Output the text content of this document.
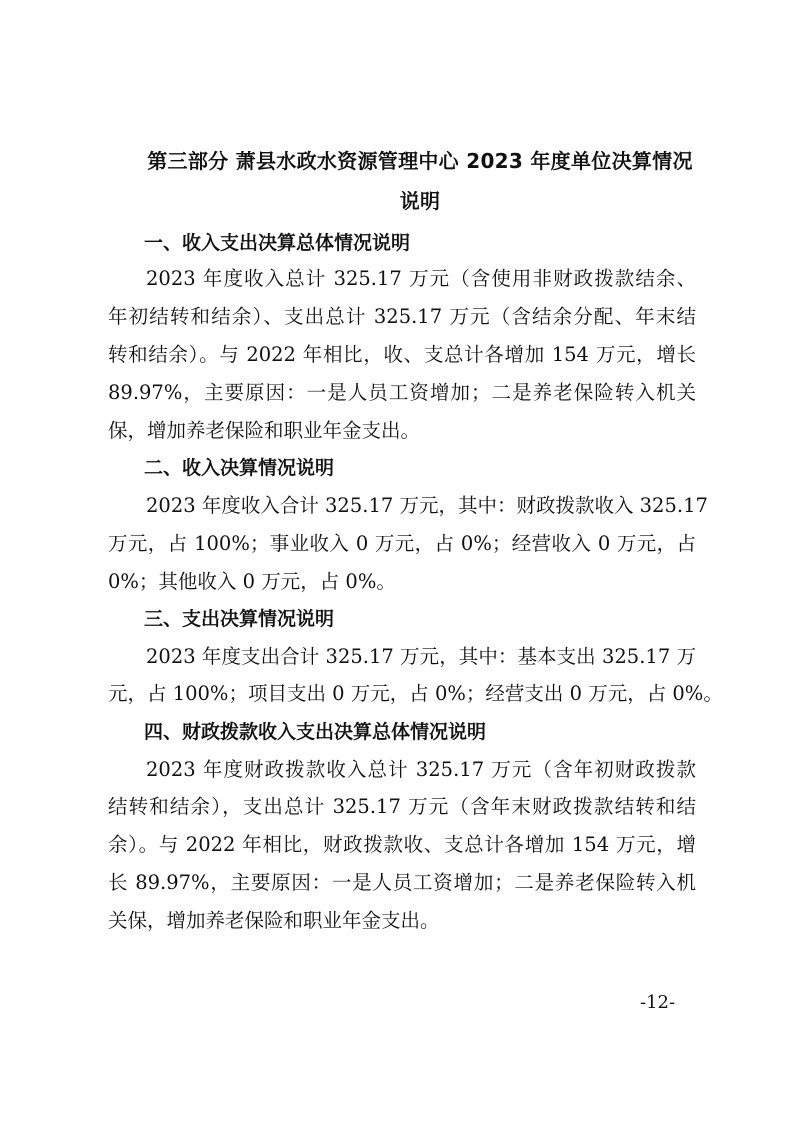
第三部分 萧县水政水资源管理中心 2023 年度单位决算情况
说明
一、收入支出决算总体情况说明
2023 年度收入总计 325.17 万元（含使用非财政拨款结余、
年初结转和结余）、支出总计 325.17 万元（含结余分配、年末结
转和结余）。与 2022 年相比，收、支总计各增加 154 万元，增长
89.97%，主要原因：一是人员工资增加；二是养老保险转入机关
保，增加养老保险和职业年金支出。
二、收入决算情况说明
2023 年度收入合计 325.17 万元，其中：财政拨款收入 325.17
万元，占 100%；事业收入 0 万元，占 0%；经营收入 0 万元，占
0%；其他收入 0 万元，占 0%。
三、支出决算情况说明
2023 年度支出合计 325.17 万元，其中：基本支出 325.17 万
元，占 100%；项目支出 0 万元，占 0%；经营支出 0 万元，占 0%。
四、财政拨款收入支出决算总体情况说明
2023 年度财政拨款收入总计 325.17 万元（含年初财政拨款
结转和结余），支出总计 325.17 万元（含年末财政拨款结转和结
余）。与 2022 年相比，财政拨款收、支总计各增加 154 万元，增
长 89.97%，主要原因：一是人员工资增加；二是养老保险转入机
关保，增加养老保险和职业年金支出。
-12-
